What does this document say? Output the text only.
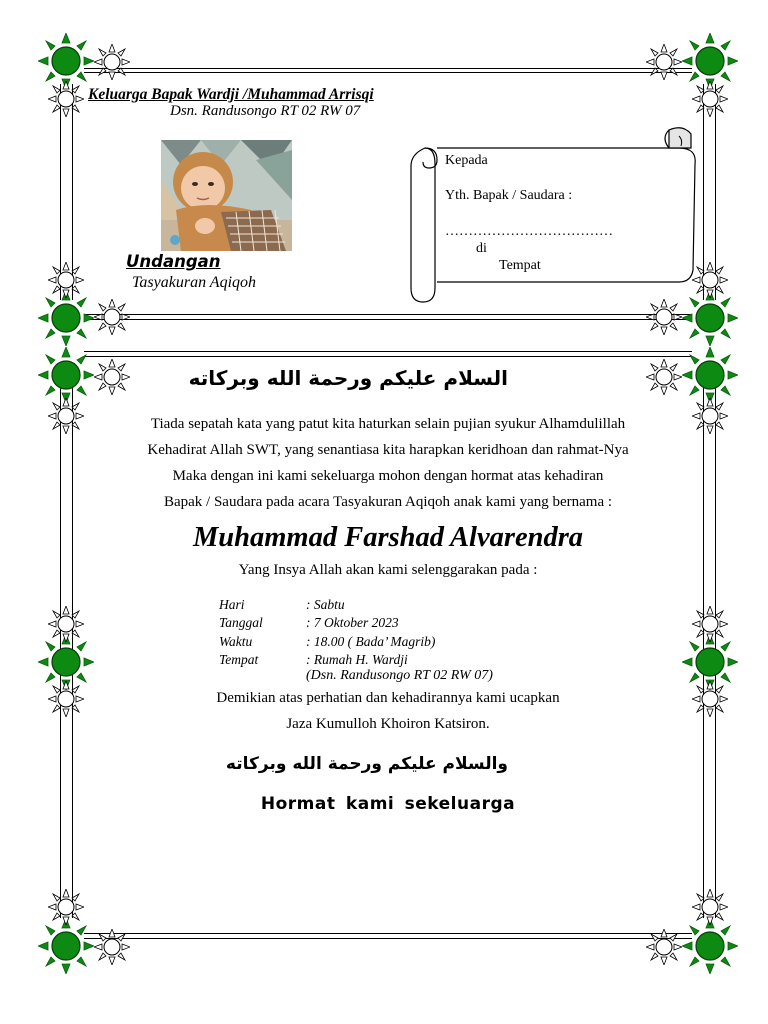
Keluarga Bapak Wardji /Muhammad Arrisqi
Dsn. Randusongo RT 02 RW 07
Undangan
Tasyakuran Aqiqoh
Kepada
Yth. Bapak / Saudara :
………………………………
di
Tempat
السلام عليكم ورحمة الله وبركاته
Tiada sepatah kata yang patut kita haturkan selain pujian syukur Alhamdulillah
Kehadirat Allah SWT, yang senantiasa kita harapkan keridhoan dan rahmat-Nya
Maka dengan ini kami sekeluarga mohon dengan hormat atas kehadiran
Bapak / Saudara pada acara Tasyakuran Aqiqoh anak kami yang bernama :
Muhammad Farshad Alvarendra
Yang Insya Allah akan kami selenggarakan pada :
Hari	: Sabtu
Tanggal	: 7 Oktober 2023
Waktu	: 18.00 ( Bada’ Magrib)
Tempat	: Rumah H. Wardji
(Dsn. Randusongo RT 02 RW 07)
Demikian atas perhatian dan kehadirannya kami ucapkan
Jaza Kumulloh Khoiron Katsiron.
والسلام عليكم ورحمة الله وبركاته
Hormat kami sekeluarga
